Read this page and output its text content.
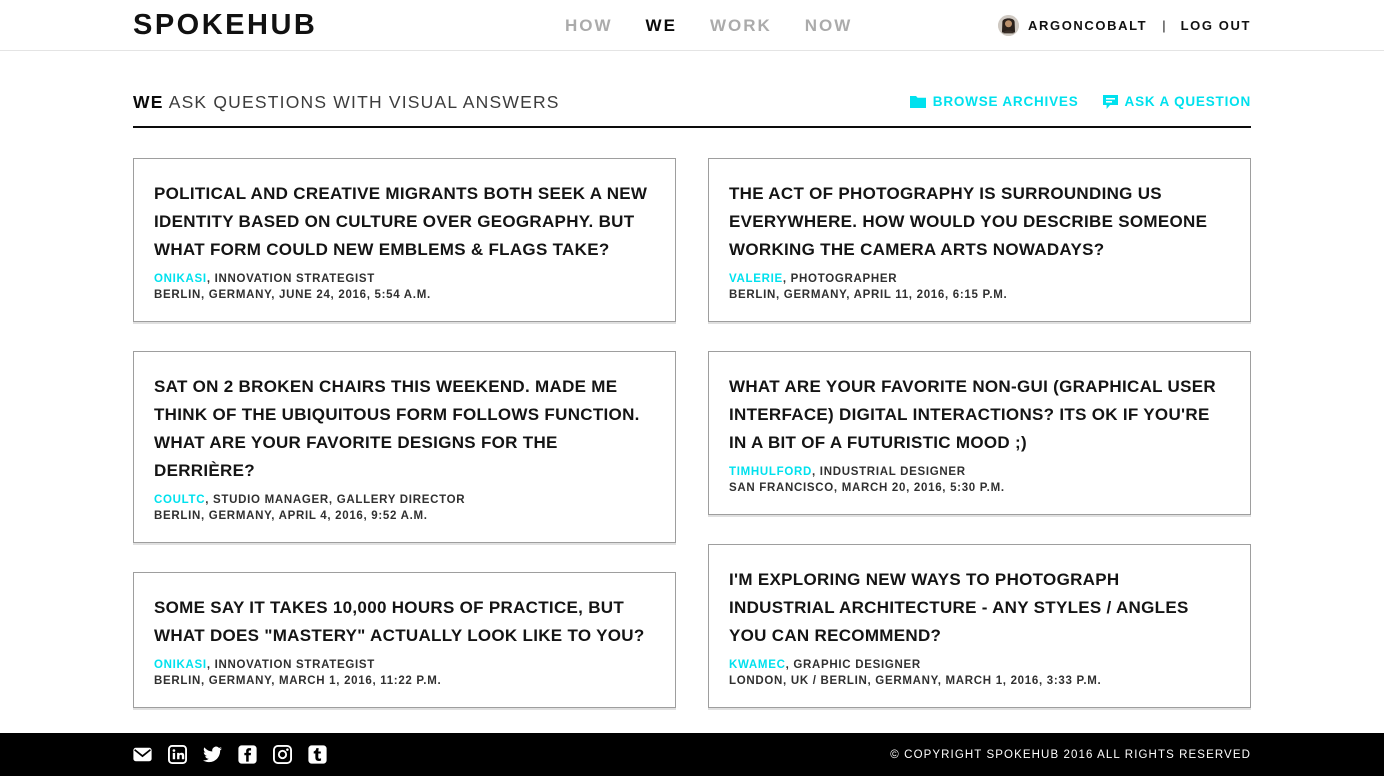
SPOKEHUB	HOW WE WORK NOW	ARGONCOBALT	|	LOG OUT
WE ASK QUESTIONS WITH VISUAL ANSWERS	BROWSE ARCHIVES	ASK A QUESTION
POLITICAL AND CREATIVE MIGRANTS BOTH SEEK A NEW IDENTITY BASED ON CULTURE OVER GEOGRAPHY. BUT WHAT FORM COULD NEW EMBLEMS & FLAGS TAKE?

ONIKASI, INNOVATION STRATEGIST

BERLIN, GERMANY, JUNE 24, 2016, 5:54 A.M.

SAT ON 2 BROKEN CHAIRS THIS WEEKEND. MADE ME THINK OF THE UBIQUITOUS FORM FOLLOWS FUNCTION. WHAT ARE YOUR FAVORITE DESIGNS FOR THE DERRIÈRE?

COULTC, STUDIO MANAGER, GALLERY DIRECTOR

BERLIN, GERMANY, APRIL 4, 2016, 9:52 A.M.

SOME SAY IT TAKES 10,000 HOURS OF PRACTICE, BUT WHAT DOES "MASTERY" ACTUALLY LOOK LIKE TO YOU?

ONIKASI, INNOVATION STRATEGIST

BERLIN, GERMANY, MARCH 1, 2016, 11:22 P.M.

THE ACT OF PHOTOGRAPHY IS SURROUNDING US EVERYWHERE. HOW WOULD YOU DESCRIBE SOMEONE WORKING THE CAMERA ARTS NOWADAYS?

VALERIE, PHOTOGRAPHER

BERLIN, GERMANY, APRIL 11, 2016, 6:15 P.M.

WHAT ARE YOUR FAVORITE NON-GUI (GRAPHICAL USER INTERFACE) DIGITAL INTERACTIONS? ITS OK IF YOU'RE IN A BIT OF A FUTURISTIC MOOD ;)

TIMHULFORD, INDUSTRIAL DESIGNER

SAN FRANCISCO, MARCH 20, 2016, 5:30 P.M.

I'M EXPLORING NEW WAYS TO PHOTOGRAPH INDUSTRIAL ARCHITECTURE - ANY STYLES / ANGLES YOU CAN RECOMMEND?

KWAMEC, GRAPHIC DESIGNER

LONDON, UK / BERLIN, GERMANY, MARCH 1, 2016, 3:33 P.M.

© COPYRIGHT SPOKEHUB 2016 ALL RIGHTS RESERVED
